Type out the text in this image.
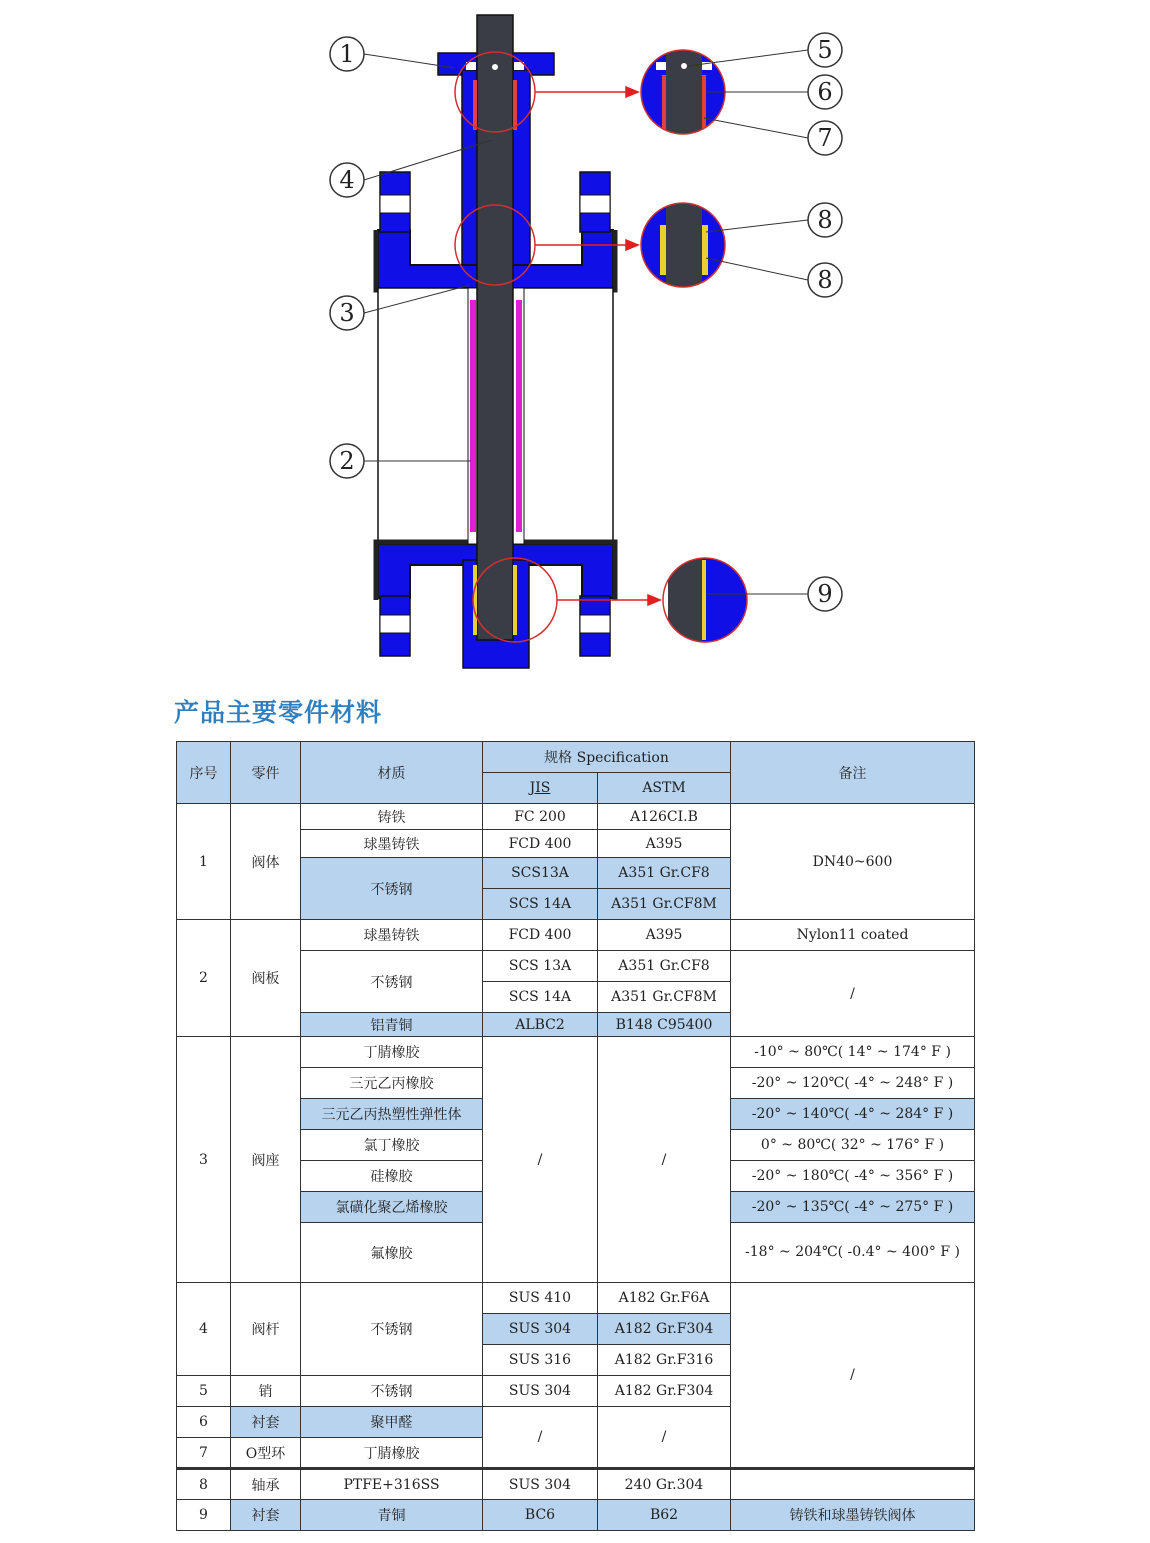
1
4
3
2
5
6
7
8
8
9
产品主要零件材料
序号	零件	材质	规格 Specification		备注
			JIS	ASTM	
1	阀体	铸铁	FC 200	A126CI.B	DN40~600
		球墨铸铁	FCD 400	A395	
		不锈钢	SCS13A	A351 Gr.CF8	
			SCS 14A	A351 Gr.CF8M	
2	阀板	球墨铸铁	FCD 400	A395	Nylon11 coated
		不锈钢	SCS 13A	A351 Gr.CF8	/
			SCS 14A	A351 Gr.CF8M	
		铝青铜	ALBC2	B148 C95400	
3	阀座	丁腈橡胶	/	/	-10° ~ 80℃( 14° ~ 174° F )
		三元乙丙橡胶			-20° ~ 120℃( -4° ~ 248° F )
		三元乙丙热塑性弹性体			-20° ~ 140℃( -4° ~ 284° F )
		氯丁橡胶			0° ~ 80℃( 32° ~ 176° F )
		硅橡胶			-20° ~ 180℃( -4° ~ 356° F )
		氯磺化聚乙烯橡胶			-20° ~ 135℃( -4° ~ 275° F )
		氟橡胶			-18° ~ 204℃( -0.4° ~ 400° F )
4	阀杆	不锈钢	SUS 410	A182 Gr.F6A	/
			SUS 304	A182 Gr.F304	
			SUS 316	A182 Gr.F316	
5	销	不锈钢	SUS 304	A182 Gr.F304	
6	衬套	聚甲醛	/	/	
7	O型环	丁腈橡胶			
8	轴承	PTFE+316SS	SUS 304	240 Gr.304	
9	衬套	青铜	BC6	B62	铸铁和球墨铸铁阀体
